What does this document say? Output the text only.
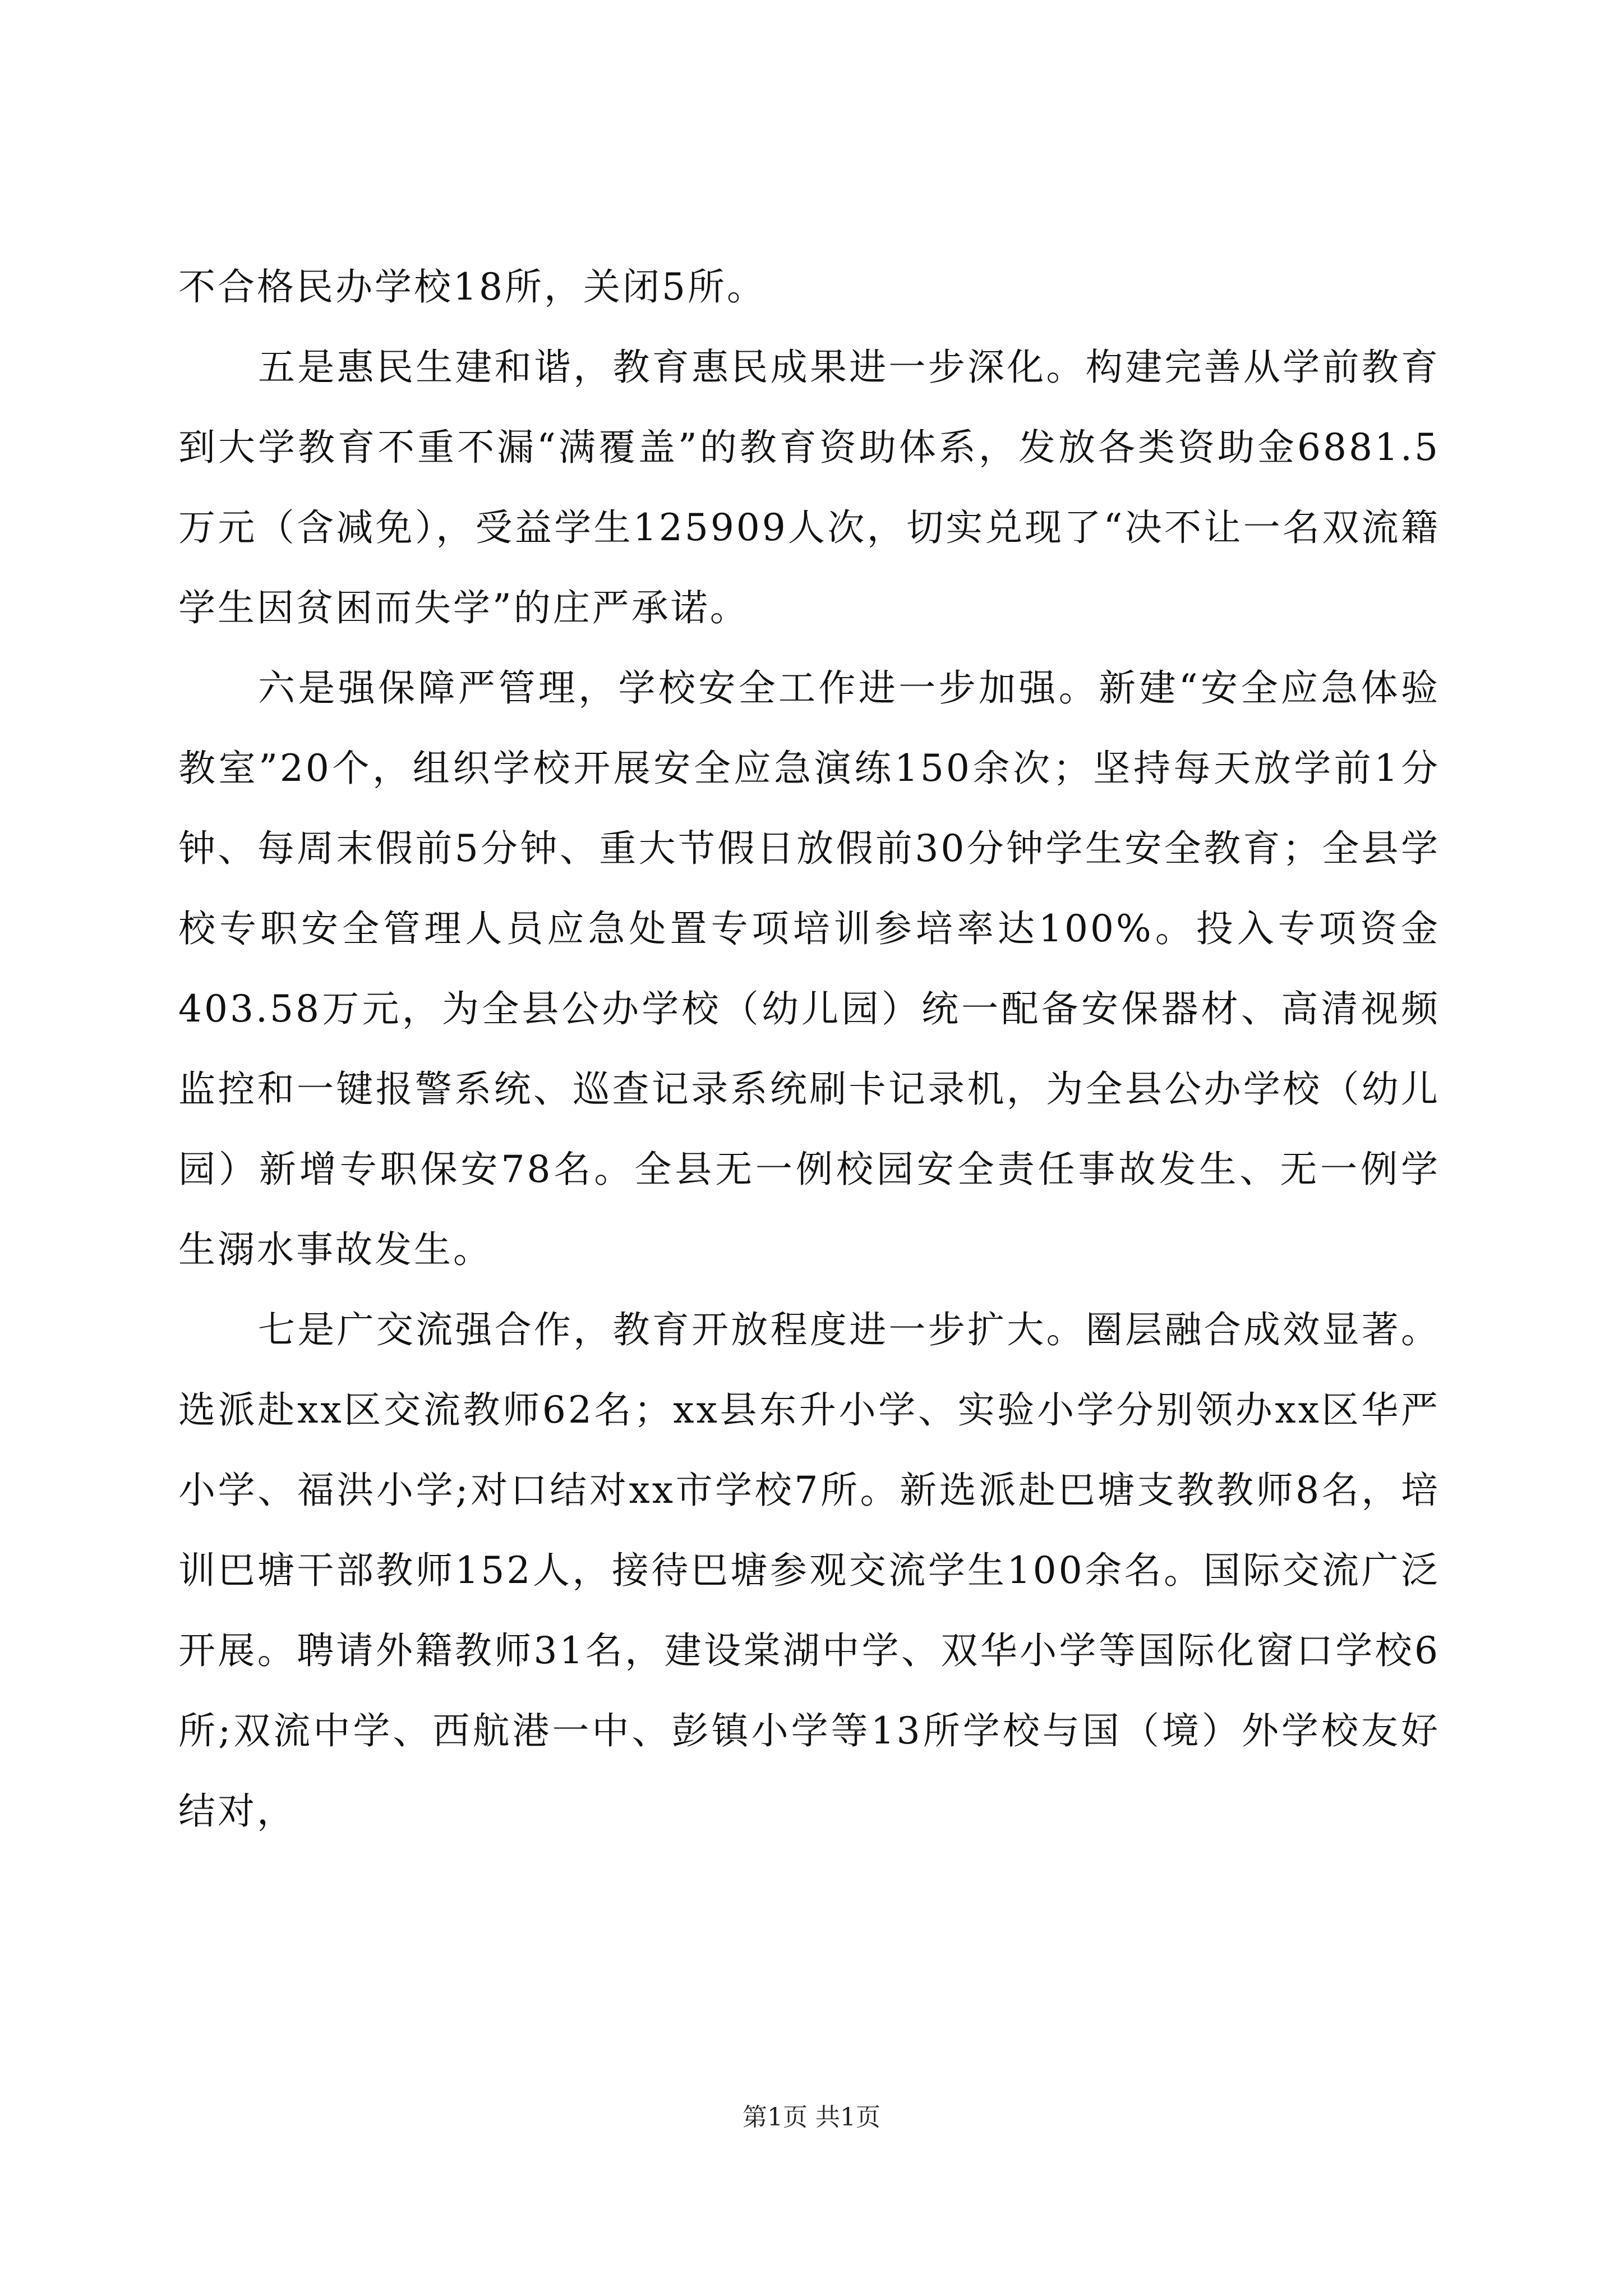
不合格民办学校18所，关闭5所。

五是惠民生建和谐，教育惠民成果进一步深化。构建完善从学前教育到大学教育不重不漏“满覆盖”的教育资助体系，发放各类资助金6881.5万元（含减免），受益学生125909人次，切实兑现了“决不让一名双流籍学生因贫困而失学”的庄严承诺。

六是强保障严管理，学校安全工作进一步加强。新建“安全应急体验教室”20个，组织学校开展安全应急演练150余次；坚持每天放学前1分钟、每周末假前5分钟、重大节假日放假前30分钟学生安全教育；全县学校专职安全管理人员应急处置专项培训参培率达100%。投入专项资金403.58万元，为全县公办学校（幼儿园）统一配备安保器材、高清视频监控和一键报警系统、巡查记录系统刷卡记录机，为全县公办学校（幼儿园）新增专职保安78名。全县无一例校园安全责任事故发生、无一例学生溺水事故发生。

七是广交流强合作，教育开放程度进一步扩大。圈层融合成效显著。选派赴xx区交流教师62名；xx县东升小学、实验小学分别领办xx区华严小学、福洪小学;对口结对xx市学校7所。新选派赴巴塘支教教师8名，培训巴塘干部教师152人，接待巴塘参观交流学生100余名。国际交流广泛开展。聘请外籍教师31名，建设棠湖中学、双华小学等国际化窗口学校6所;双流中学、西航港一中、彭镇小学等13所学校与国（境）外学校友好结对，

第1页 共1页
